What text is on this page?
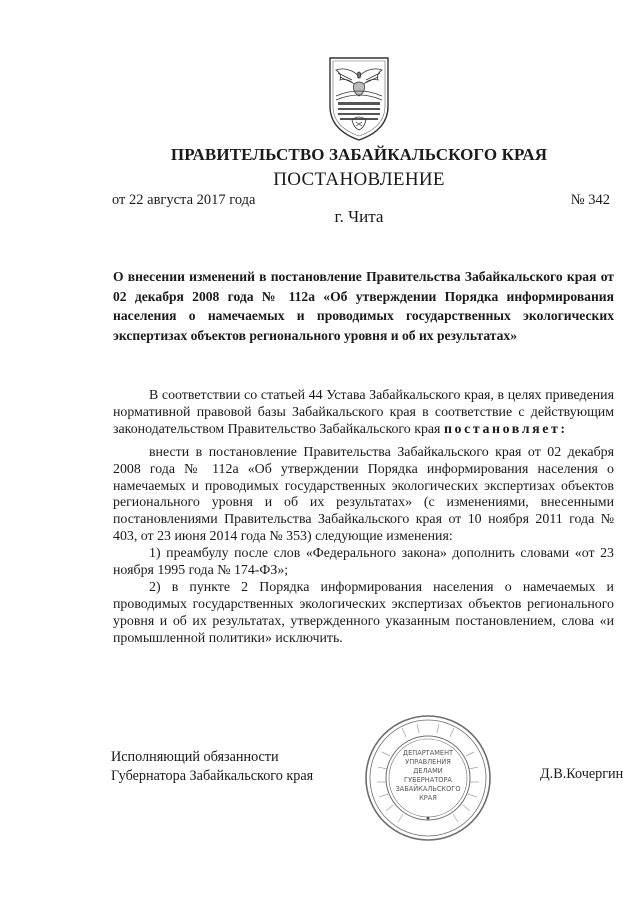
ПРАВИТЕЛЬСТВО ЗАБАЙКАЛЬСКОГО КРАЯ
ПОСТАНОВЛЕНИЕ
от 22 августа 2017 года	№ 342
г. Чита
О внесении изменений в постановление Правительства Забайкальского края от 02 декабря 2008 года № 112а «Об утверждении Порядка информирования населения о намечаемых и проводимых государственных экологических экспертизах объектов регионального уровня и об их результатах»

В соответствии со статьей 44 Устава Забайкальского края, в целях приведения нормативной правовой базы Забайкальского края в соответствие с действующим законодательством Правительство Забайкальского края постановляет:

внести в постановление Правительства Забайкальского края от 02 декабря 2008 года № 112а «Об утверждении Порядка информирования населения о намечаемых и проводимых государственных экологических экспертизах объектов регионального уровня и об их результатах» (с изменениями, внесенными постановлениями Правительства Забайкальского края от 10 ноября 2011 года № 403, от 23 июня 2014 года № 353) следующие изменения:

1) преамбулу после слов «Федерального закона» дополнить словами «от 23 ноября 1995 года № 174-ФЗ»;

2) в пункте 2 Порядка информирования населения о намечаемых и проводимых государственных экологических экспертизах объектов регионального уровня и об их результатах, утвержденного указанным постановлением, слова «и промышленной политики» исключить.

Исполняющий обязанности
Губернатора Забайкальского края	Д.В.Кочергин
ДЕПАРТАМЕНТ
УПРАВЛЕНИЯ
ДЕЛАМИ
ГУБЕРНАТОРА
ЗАБАЙКАЛЬСКОГО
КРАЯ
